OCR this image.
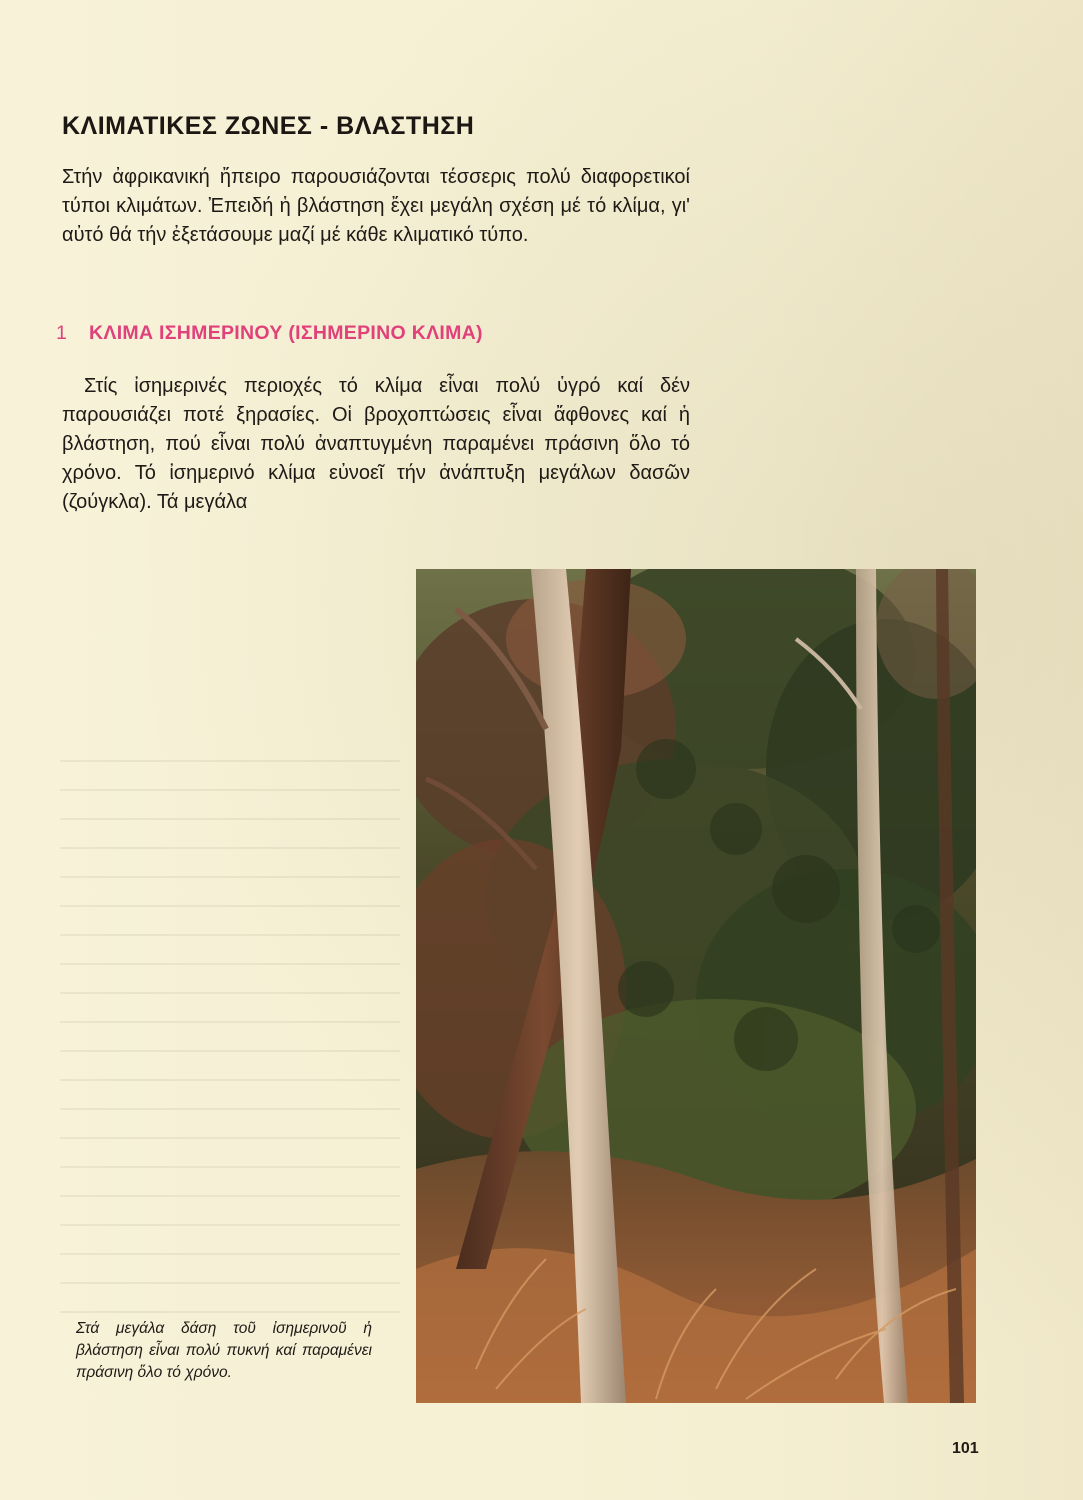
ΚΛΙΜΑΤΙΚΕΣ ΖΩΝΕΣ - ΒΛΑΣΤΗΣΗ

Στήν ἀφρικανική ἤπειρο παρουσιάζονται τέσσερις πολύ διαφορετικοί τύποι κλιμάτων. Ἐπειδή ἡ βλάστηση ἔχει μεγάλη σχέση μέ τό κλίμα, γι' αὐτό θά τήν ἐξετάσουμε μαζί μέ κάθε κλιματικό τύπο.

1 ΚΛΙΜΑ ΙΣΗΜΕΡΙΝΟΥ (ΙΣΗΜΕΡΙΝΟ ΚΛΙΜΑ)

Στίς ἰσημερινές περιοχές τό κλίμα εἶναι πολύ ὑγρό καί δέν παρουσιάζει ποτέ ξηρασίες. Οἱ βροχοπτώσεις εἶναι ἄφθονες καί ἡ βλάστηση, πού εἶναι πολύ ἀναπτυγμένη παραμένει πράσινη ὅλο τό χρόνο. Τό ἰσημερινό κλίμα εὐνοεῖ τήν ἀνάπτυξη μεγάλων δασῶν (ζούγκλα). Τά μεγάλα

Στά μεγάλα δάση τοῦ ἰσημερινοῦ ἡ βλάστηση εἶναι πολύ πυκνή καί παραμένει πράσινη ὅλο τό χρόνο.

101
